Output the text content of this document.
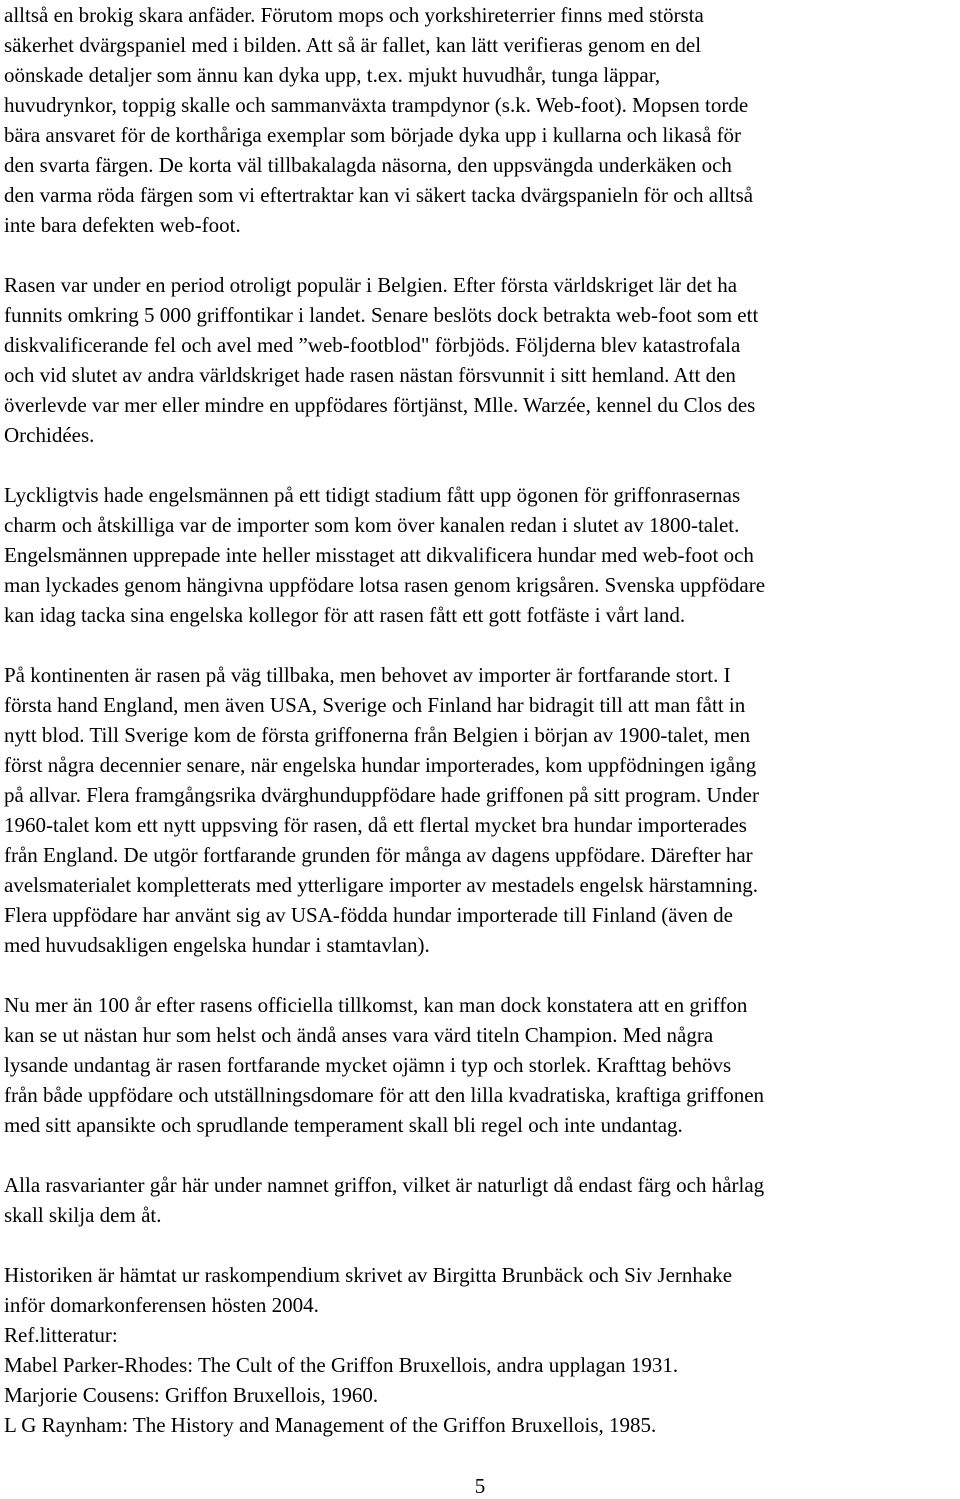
alltså en brokig skara anfäder. Förutom mops och yorkshireterrier finns med största
säkerhet dvärgspaniel med i bilden. Att så är fallet, kan lätt verifieras genom en del
oönskade detaljer som ännu kan dyka upp, t.ex. mjukt huvudhår, tunga läppar,
huvudrynkor, toppig skalle och sammanväxta trampdynor (s.k. Web-foot). Mopsen torde
bära ansvaret för de korthåriga exemplar som började dyka upp i kullarna och likaså för
den svarta färgen. De korta väl tillbakalagda näsorna, den uppsvängda underkäken och
den varma röda färgen som vi eftertraktar kan vi säkert tacka dvärgspanieln för och alltså
inte bara defekten web-foot.
Rasen var under en period otroligt populär i Belgien. Efter första världskriget lär det ha
funnits omkring 5 000 griffontikar i landet. Senare beslöts dock betrakta web-foot som ett
diskvalificerande fel och avel med ”web-footblod" förbjöds. Följderna blev katastrofala
och vid slutet av andra världskriget hade rasen nästan försvunnit i sitt hemland. Att den
överlevde var mer eller mindre en uppfödares förtjänst, Mlle. Warzée, kennel du Clos des
Orchidées.
Lyckligtvis hade engelsmännen på ett tidigt stadium fått upp ögonen för griffonrasernas
charm och åtskilliga var de importer som kom över kanalen redan i slutet av 1800-talet.
Engelsmännen upprepade inte heller misstaget att dikvalificera hundar med web-foot och
man lyckades genom hängivna uppfödare lotsa rasen genom krigsåren. Svenska uppfödare
kan idag tacka sina engelska kollegor för att rasen fått ett gott fotfäste i vårt land.
På kontinenten är rasen på väg tillbaka, men behovet av importer är fortfarande stort. I
första hand England, men även USA, Sverige och Finland har bidragit till att man fått in
nytt blod. Till Sverige kom de första griffonerna från Belgien i början av 1900-talet, men
först några decennier senare, när engelska hundar importerades, kom uppfödningen igång
på allvar. Flera framgångsrika dvärghunduppfödare hade griffonen på sitt program. Under
1960-talet kom ett nytt uppsving för rasen, då ett flertal mycket bra hundar importerades
från England. De utgör fortfarande grunden för många av dagens uppfödare. Därefter har
avelsmaterialet kompletterats med ytterligare importer av mestadels engelsk härstamning.
Flera uppfödare har använt sig av USA-födda hundar importerade till Finland (även de
med huvudsakligen engelska hundar i stamtavlan).
Nu mer än 100 år efter rasens officiella tillkomst, kan man dock konstatera att en griffon
kan se ut nästan hur som helst och ändå anses vara värd titeln Champion. Med några
lysande undantag är rasen fortfarande mycket ojämn i typ och storlek. Krafttag behövs
från både uppfödare och utställningsdomare för att den lilla kvadratiska, kraftiga griffonen
med sitt apansikte och sprudlande temperament skall bli regel och inte undantag.
Alla rasvarianter går här under namnet griffon, vilket är naturligt då endast färg och hårlag
skall skilja dem åt.
Historiken är hämtat ur raskompendium skrivet av Birgitta Brunbäck och Siv Jernhake
inför domarkonferensen hösten 2004.
Ref.litteratur:
Mabel Parker-Rhodes: The Cult of the Griffon Bruxellois, andra upplagan 1931.
Marjorie Cousens: Griffon Bruxellois, 1960.
L G Raynham: The History and Management of the Griffon Bruxellois, 1985.
5
